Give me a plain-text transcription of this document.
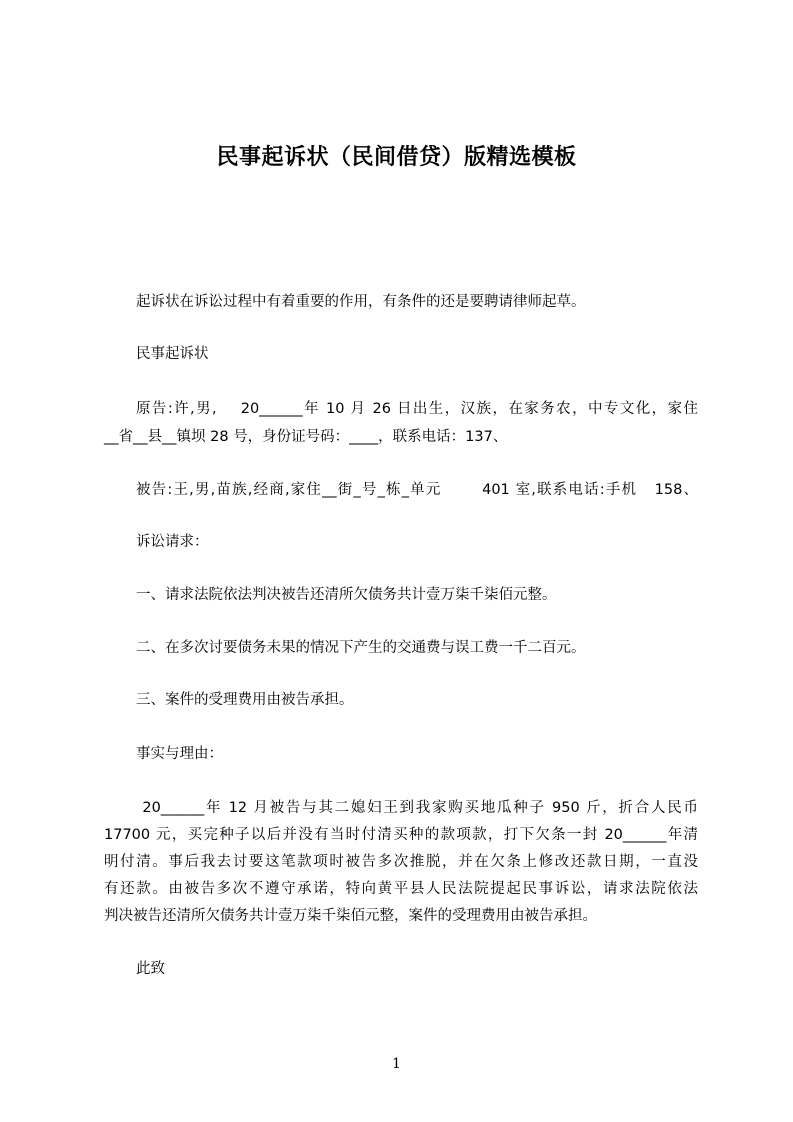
民事起诉状（民间借贷）版精选模板
起诉状在诉讼过程中有着重要的作用，有条件的还是要聘请律师起草。
民事起诉状
原告:许,男,    20______年 10 月 26 日出生，汉族，在家务农，中专文化，家住
__省__县__镇坝 28 号，身份证号码：____，联系电话：137、
被告:王,男,苗族,经商,家住__街_号_栋_单元       401 室,联系电话:手机   158、
诉讼请求：
一、请求法院依法判决被告还清所欠债务共计壹万柒千柒佰元整。
二、在多次讨要债务未果的情况下产生的交通费与误工费一千二百元。
三、案件的受理费用由被告承担。
事实与理由：
20______年 12 月被告与其二媳妇王到我家购买地瓜种子 950 斤，折合人民币
17700 元，买完种子以后并没有当时付清买种的款项款，打下欠条一封 20______年清
明付清。事后我去讨要这笔款项时被告多次推脱，并在欠条上修改还款日期，一直没
有还款。由被告多次不遵守承诺，特向黄平县人民法院提起民事诉讼，请求法院依法
判决被告还清所欠债务共计壹万柒千柒佰元整，案件的受理费用由被告承担。
此致
1
